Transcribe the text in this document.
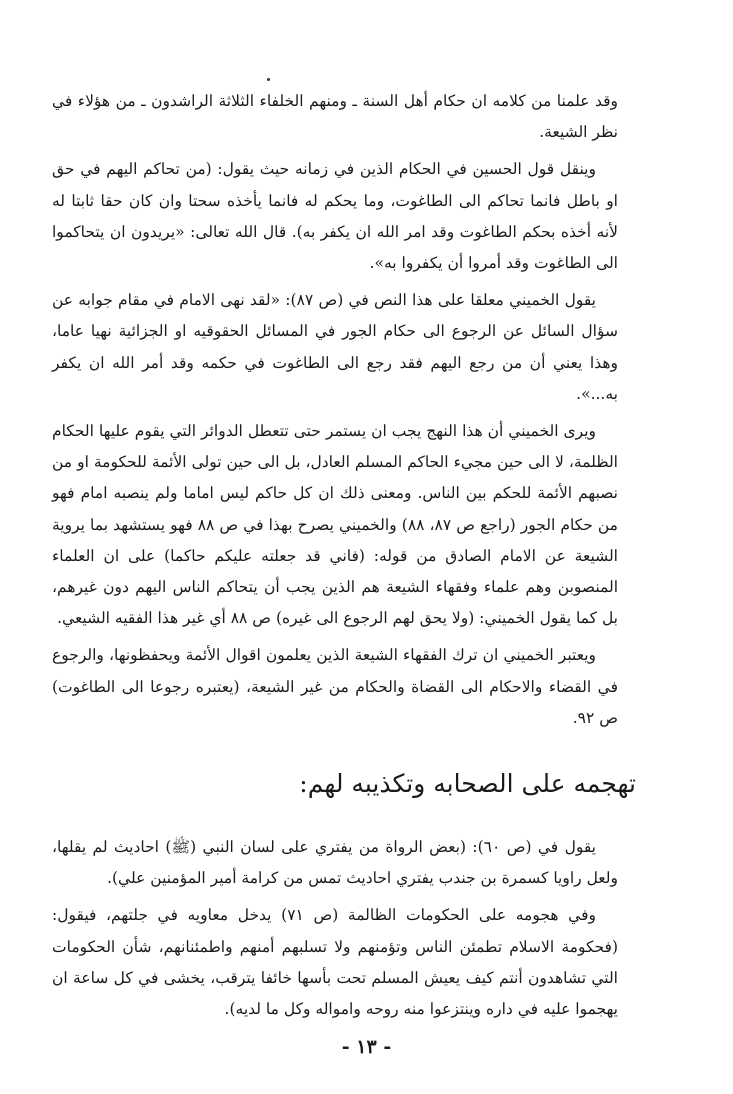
وقد علمنا من كلامه ان حكام أهل السنة ـ ومنهم الخلفاء الثلاثة الراشدون ـ من هؤلاء في نظر الشيعة.

وينقل قول الحسين في الحكام الذين في زمانه حيث يقول: (من تحاكم اليهم في حق او باطل فانما تحاكم الى الطاغوت، وما يحكم له فانما يأخذه سحتا وان كان حقا ثابتا له لأنه أخذه بحكم الطاغوت وقد امر الله ان يكفر به). قال الله تعالى: «يريدون ان يتحاكموا الى الطاغوت وقد أمروا أن يكفروا به».

يقول الخميني معلقا على هذا النص في (ص ٨٧): «لقد نهى الامام في مقام جوابه عن سؤال السائل عن الرجوع الى حكام الجور في المسائل الحقوقيه او الجزائية نهيا عاما، وهذا يعني أن من رجع اليهم فقد رجع الى الطاغوت في حكمه وقد أمر الله ان يكفر به...».

ويرى الخميني أن هذا النهج يجب ان يستمر حتى تتعطل الدوائر التي يقوم عليها الحكام الظلمة، لا الى حين مجيء الحاكم المسلم العادل، بل الى حين تولى الأئمة للحكومة او من نصبهم الأئمة للحكم بين الناس. ومعنى ذلك ان كل حاكم ليس اماما ولم ينصبه امام فهو من حكام الجور (راجع ص ٨٧، ٨٨) والخميني يصرح بهذا في ص ٨٨ فهو يستشهد بما يروية الشيعة عن الامام الصادق من قوله: (فاني قد جعلته عليكم حاكما) على ان العلماء المنصوبن وهم علماء وفقهاء الشيعة هم الذين يجب أن يتحاكم الناس اليهم دون غيرهم، بل كما يقول الخميني: (ولا يحق لهم الرجوع الى غيره) ص ٨٨ أي غير هذا الفقيه الشيعي.

ويعتبر الخميني ان ترك الفقهاء الشيعة الذين يعلمون اقوال الأئمة ويحفظونها، والرجوع في القضاء والاحكام الى القضاة والحكام من غير الشيعة، (يعتبره رجوعا الى الطاغوت) ص ٩٢.

تهجمه على الصحابه وتكذيبه لهم:

يقول في (ص ٦٠): (بعض الرواة من يفتري على لسان النبي (ﷺ) احاديث لم يقلها، ولعل راويا كسمرة بن جندب يفتري احاديث تمس من كرامة أمير المؤمنين علي).

وفي هجومه على الحكومات الظالمة (ص ٧١) يدخل معاويه في جلتهم، فيقول: (فحكومة الاسلام تطمئن الناس وتؤمنهم ولا تسلبهم أمنهم واطمئنانهم، شأن الحكومات التي تشاهدون أنتم كيف يعيش المسلم تحت بأسها خائفا يترقب، يخشى في كل ساعة ان يهجموا عليه في داره وينتزعوا منه روحه وامواله وكل ما لديه).

- ١٣ -
